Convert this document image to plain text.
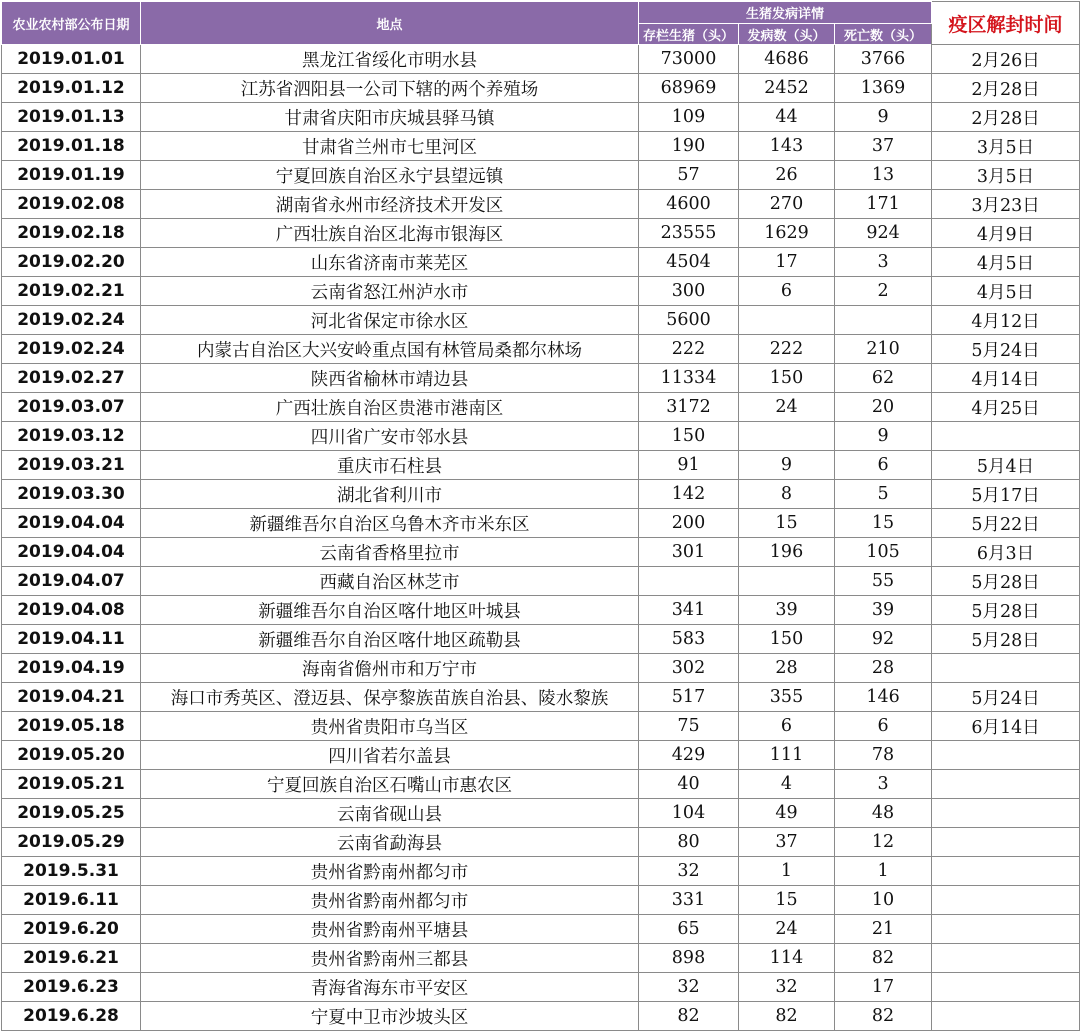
农业农村部公布日期	地点	生猪发病详情			疫区解封时间
		存栏生猪（头）	发病数（头）	死亡数（头）	
2019.01.01	黑龙江省绥化市明水县	73000	4686	3766	2月26日
2019.01.12	江苏省泗阳县一公司下辖的两个养殖场	68969	2452	1369	2月28日
2019.01.13	甘肃省庆阳市庆城县驿马镇	109	44	9	2月28日
2019.01.18	甘肃省兰州市七里河区	190	143	37	3月5日
2019.01.19	宁夏回族自治区永宁县望远镇	57	26	13	3月5日
2019.02.08	湖南省永州市经济技术开发区	4600	270	171	3月23日
2019.02.18	广西壮族自治区北海市银海区	23555	1629	924	4月9日
2019.02.20	山东省济南市莱芜区	4504	17	3	4月5日
2019.02.21	云南省怒江州泸水市	300	6	2	4月5日
2019.02.24	河北省保定市徐水区	5600			4月12日
2019.02.24	内蒙古自治区大兴安岭重点国有林管局桑都尔林场	222	222	210	5月24日
2019.02.27	陕西省榆林市靖边县	11334	150	62	4月14日
2019.03.07	广西壮族自治区贵港市港南区	3172	24	20	4月25日
2019.03.12	四川省广安市邻水县	150		9	
2019.03.21	重庆市石柱县	91	9	6	5月4日
2019.03.30	湖北省利川市	142	8	5	5月17日
2019.04.04	新疆维吾尔自治区乌鲁木齐市米东区	200	15	15	5月22日
2019.04.04	云南省香格里拉市	301	196	105	6月3日
2019.04.07	西藏自治区林芝市			55	5月28日
2019.04.08	新疆维吾尔自治区喀什地区叶城县	341	39	39	5月28日
2019.04.11	新疆维吾尔自治区喀什地区疏勒县	583	150	92	5月28日
2019.04.19	海南省儋州市和万宁市	302	28	28	
2019.04.21	海口市秀英区、澄迈县、保亭黎族苗族自治县、陵水黎族	517	355	146	5月24日
2019.05.18	贵州省贵阳市乌当区	75	6	6	6月14日
2019.05.20	四川省若尔盖县	429	111	78	
2019.05.21	宁夏回族自治区石嘴山市惠农区	40	4	3	
2019.05.25	云南省砚山县	104	49	48	
2019.05.29	云南省勐海县	80	37	12	
2019.5.31	贵州省黔南州都匀市	32	1	1	
2019.6.11	贵州省黔南州都匀市	331	15	10	
2019.6.20	贵州省黔南州平塘县	65	24	21	
2019.6.21	贵州省黔南州三都县	898	114	82	
2019.6.23	青海省海东市平安区	32	32	17	
2019.6.28	宁夏中卫市沙坡头区	82	82	82	
